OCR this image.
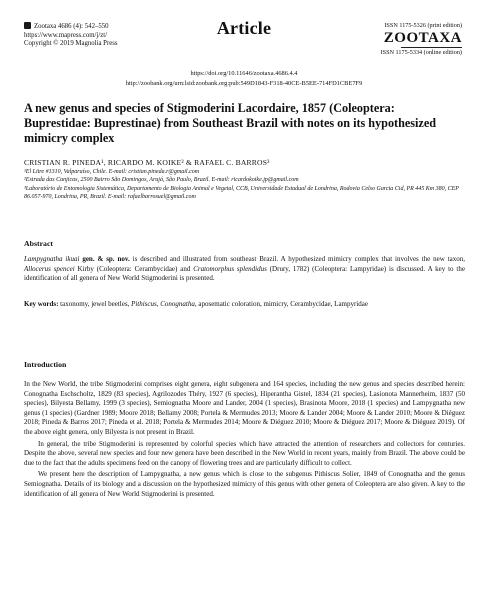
Zootaxa 4686 (4): 542–550
https://www.mapress.com/j/zt/
Copyright © 2019 Magnolia Press
Article	ISSN 1175-5326 (print edition)
ZOOTAXA
ISSN 1175-5334 (online edition)
https://doi.org/10.11646/zootaxa.4686.4.4
http://zoobank.org/urn:lsid:zoobank.org:pub:549D1843-F318-40CE-B5EE-714FD1CBE7F9
A new genus and species of Stigmoderini Lacordaire, 1857 (Coleoptera: Buprestidae: Buprestinae) from Southeast Brazil with notes on its hypothesized mimicry complex
CRISTIAN R. PINEDA¹, RICARDO M. KOIKE² & RAFAEL C. BARROS³
¹El Litre #1310, Valparaíso, Chile. E-mail: cristian.pineda.r@gmail.com
²Estrada das Canjicas, 2500 Bairro São Domingos, Arujá, São Paulo, Brazil. E-mail: ricardokoike.jp@gmail.com
³Laboratório de Entomologia Sistemática, Departamento de Biologia Animal e Vegetal, CCB, Universidade Estadual de Londrina, Rodovia Celso Garcia Cid, PR 445 Km 380, CEP 86.057-970, Londrina, PR, Brazil. E-mail: rafaelbarrosuel@gmail.com
Abstract
Lampygnatha ikuai gen. & sp. nov. is described and illustrated from southeast Brazil. A hypothesized mimicry complex that involves the new taxon, Allocerus spencei Kirby (Coleoptera: Cerambycidae) and Cratomorphus splendidus (Drury, 1782) (Coleoptera: Lampyridae) is discussed. A key to the identification of all genera of New World Stigmoderini is presented.
Key words: taxonomy, jewel beetles, Pithiscus, Conognatha, aposematic coloration, mimicry, Cerambycidae, Lampyridae
Introduction

In the New World, the tribe Stigmoderini comprises eight genera, eight subgenera and 164 species, including the new genus and species described herein: Conognatha Eschscholtz, 1829 (83 species), Agrilozodes Théry, 1927 (6 species), Hiperantha Gistel, 1834 (21 species), Lasionota Mannerheim, 1837 (50 species), Bilyesta Bellamy, 1999 (3 species), Semiognatha Moore and Lander, 2004 (1 species), Brasinota Moore, 2018 (1 species) and Lampygnatha new genus (1 species) (Gardner 1989; Moore 2018; Bellamy 2008; Portela & Mermudes 2013; Moore & Lander 2004; Moore & Lander 2010; Moore & Diéguez 2018; Pineda & Barros 2017; Pineda et al. 2018; Portela & Mermudes 2014; Moore & Diéguez 2010; Moore & Diéguez 2017; Moore & Diéguez 2019). Of the above eight genera, only Bilyesta is not present in Brazil.

In general, the tribe Stigmoderini is represented by colorful species which have attracted the attention of researchers and collectors for centuries. Despite the above, several new species and four new genera have been described in the New World in recent years, mainly from Brazil. The above could be due to the fact that the adults specimens feed on the canopy of flowering trees and are particularly difficult to collect.

We present here the description of Lampygnatha, a new genus which is close to the subgenus Pithiscus Solier, 1849 of Conognatha and the genus Semiognatha. Details of its biology and a discussion on the hypothesized mimicry of this genus with other genera of Coleoptera are also given. A key to the identification of all genera of New World Stigmoderini is presented.
